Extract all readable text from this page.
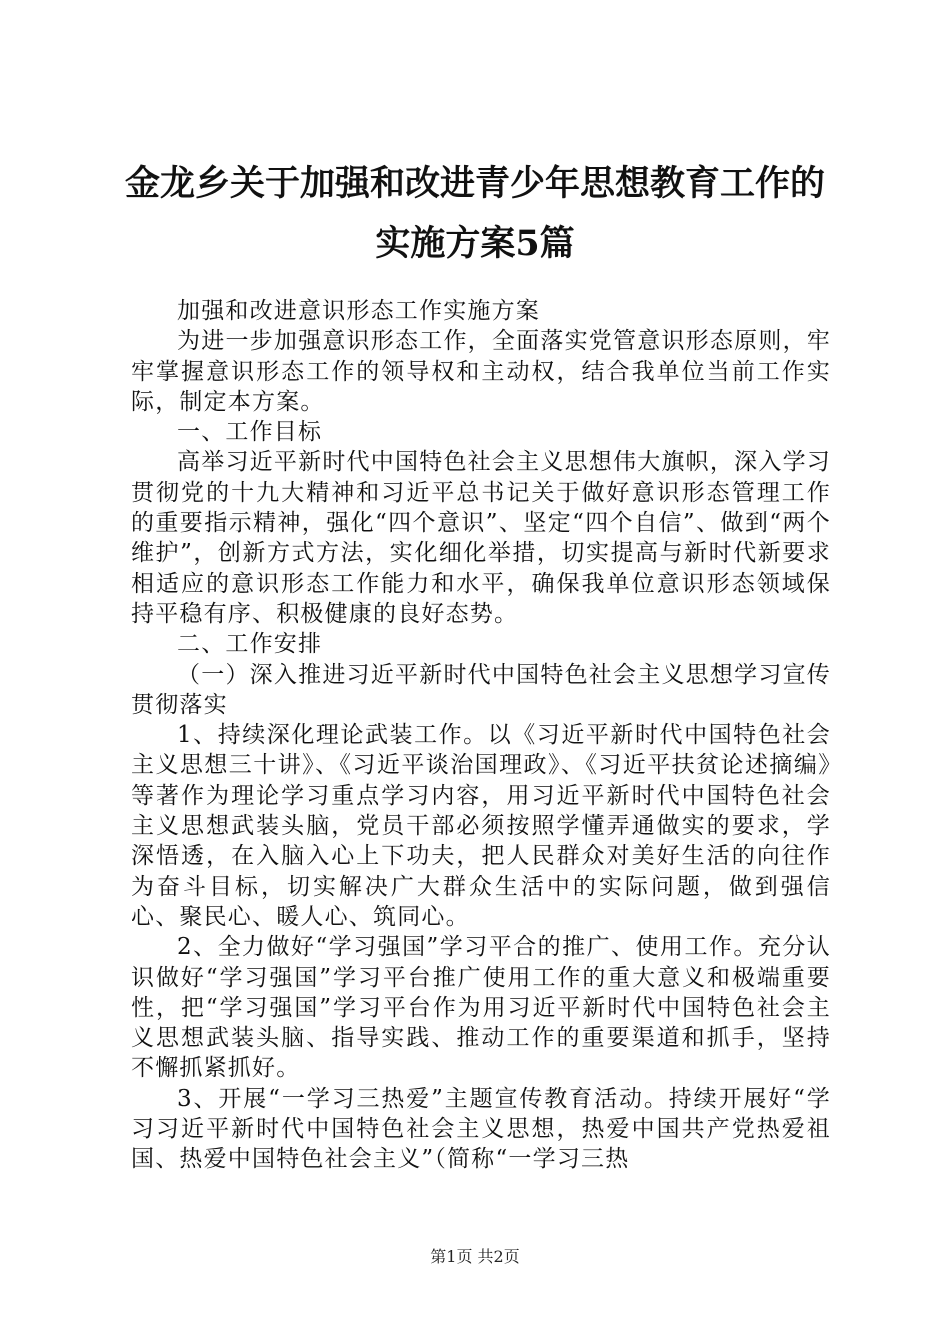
金龙乡关于加强和改进青少年思想教育工作的
实施方案5篇

加强和改进意识形态工作实施方案

为进一步加强意识形态工作，全面落实党管意识形态原则，牢牢掌握意识形态工作的领导权和主动权，结合我单位当前工作实际，制定本方案。

一、工作目标

高举习近平新时代中国特色社会主义思想伟大旗帜，深入学习贯彻党的十九大精神和习近平总书记关于做好意识形态管理工作的重要指示精神，强化“四个意识”、坚定“四个自信”、做到“两个维护”，创新方式方法，实化细化举措，切实提高与新时代新要求相适应的意识形态工作能力和水平，确保我单位意识形态领域保持平稳有序、积极健康的良好态势。

二、工作安排

（一）深入推进习近平新时代中国特色社会主义思想学习宣传贯彻落实

1、持续深化理论武装工作。以《习近平新时代中国特色社会主义思想三十讲》、《习近平谈治国理政》、《习近平扶贫论述摘编》等著作为理论学习重点学习内容，用习近平新时代中国特色社会主义思想武装头脑，党员干部必须按照学懂弄通做实的要求，学深悟透，在入脑入心上下功夫，把人民群众对美好生活的向往作为奋斗目标，切实解决广大群众生活中的实际问题，做到强信心、聚民心、暖人心、筑同心。

2、全力做好“学习强国”学习平合的推广、使用工作。充分认识做好“学习强国”学习平台推广使用工作的重大意义和极端重要性，把“学习强国”学习平台作为用习近平新时代中国特色社会主义思想武装头脑、指导实践、推动工作的重要渠道和抓手，坚持不懈抓紧抓好。

3、开展“一学习三热爱”主题宣传教育活动。持续开展好“学习习近平新时代中国特色社会主义思想，热爱中国共产党热爱祖国、热爱中国特色社会主义”（简称“一学习三热

第1页 共2页
